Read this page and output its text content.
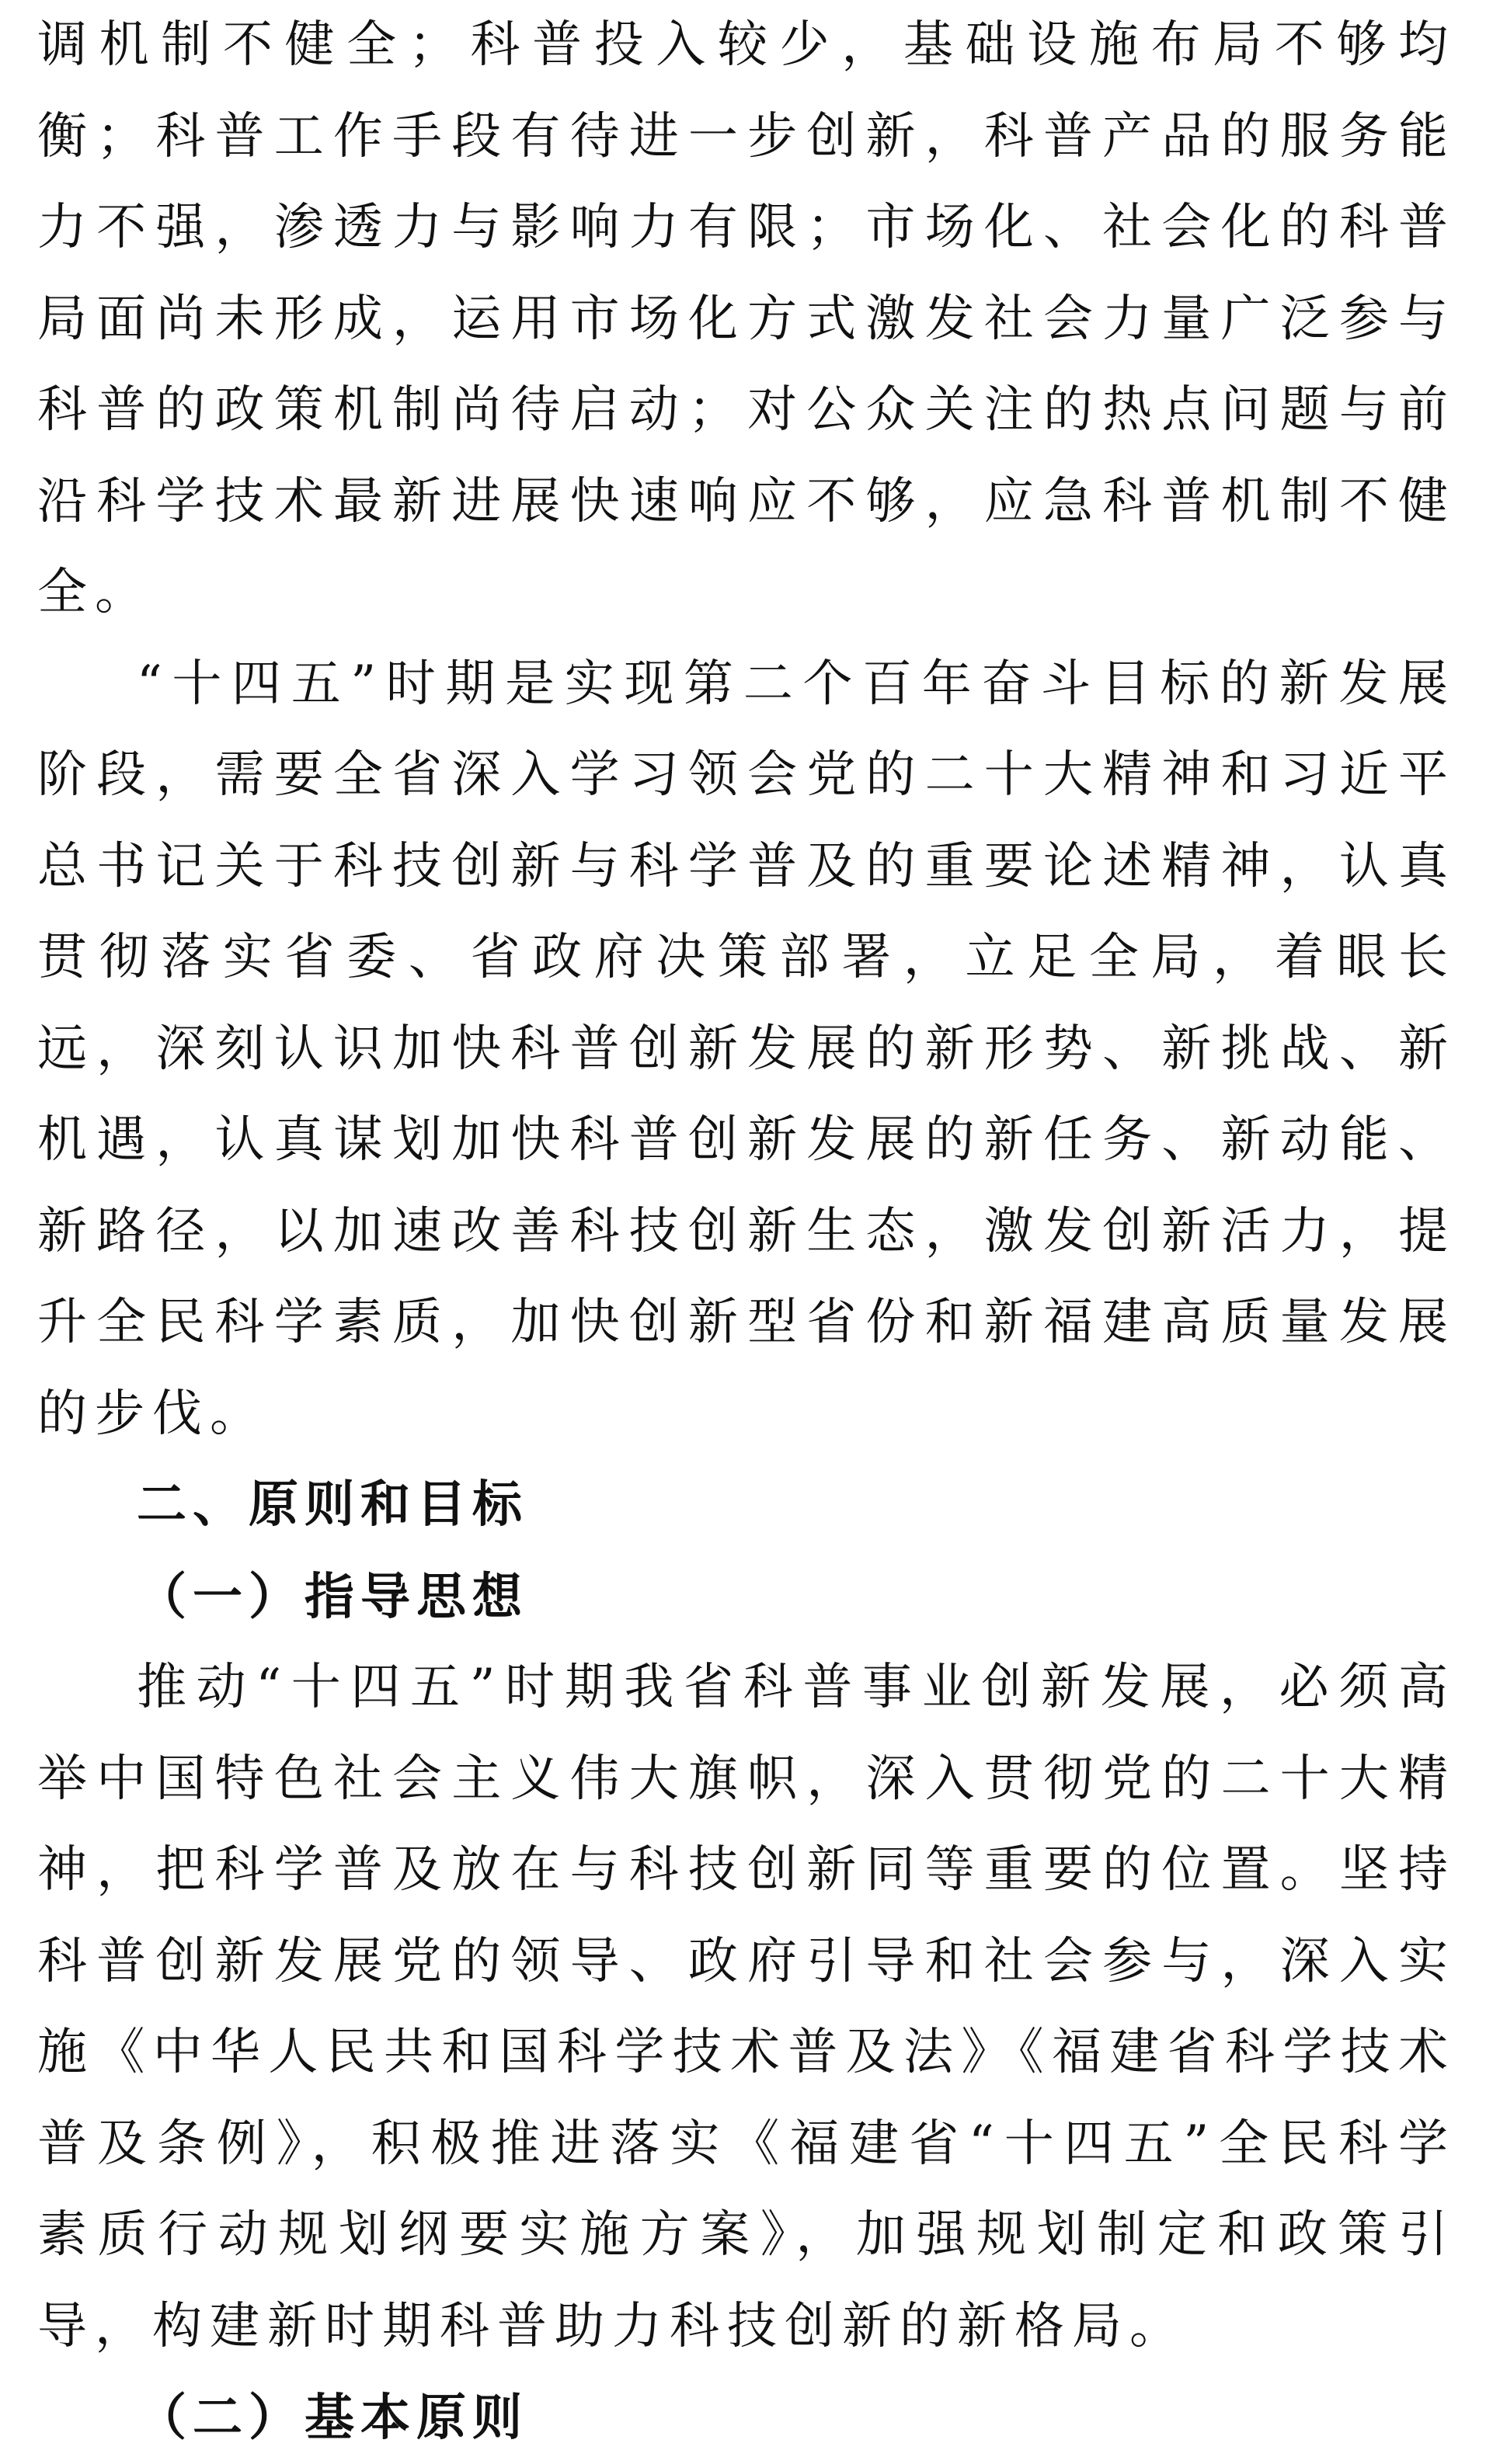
调机制不健全；科普投入较少，基础设施布局不够均衡；科普工作手段有待进一步创新，科普产品的服务能力不强，渗透力与影响力有限；市场化、社会化的科普局面尚未形成，运用市场化方式激发社会力量广泛参与科普的政策机制尚待启动；对公众关注的热点问题与前沿科学技术最新进展快速响应不够，应急科普机制不健全。

“十四五”时期是实现第二个百年奋斗目标的新发展阶段，需要全省深入学习领会党的二十大精神和习近平总书记关于科技创新与科学普及的重要论述精神，认真贯彻落实省委、省政府决策部署，立足全局，着眼长远，深刻认识加快科普创新发展的新形势、新挑战、新机遇，认真谋划加快科普创新发展的新任务、新动能、新路径，以加速改善科技创新生态，激发创新活力，提升全民科学素质，加快创新型省份和新福建高质量发展的步伐。

二、原则和目标

（一）指导思想

推动“十四五”时期我省科普事业创新发展，必须高举中国特色社会主义伟大旗帜，深入贯彻党的二十大精神，把科学普及放在与科技创新同等重要的位置。坚持科普创新发展党的领导、政府引导和社会参与，深入实施《中华人民共和国科学技术普及法》《福建省科学技术普及条例》，积极推进落实《福建省“十四五”全民科学素质行动规划纲要实施方案》，加强规划制定和政策引导，构建新时期科普助力科技创新的新格局。

（二）基本原则
